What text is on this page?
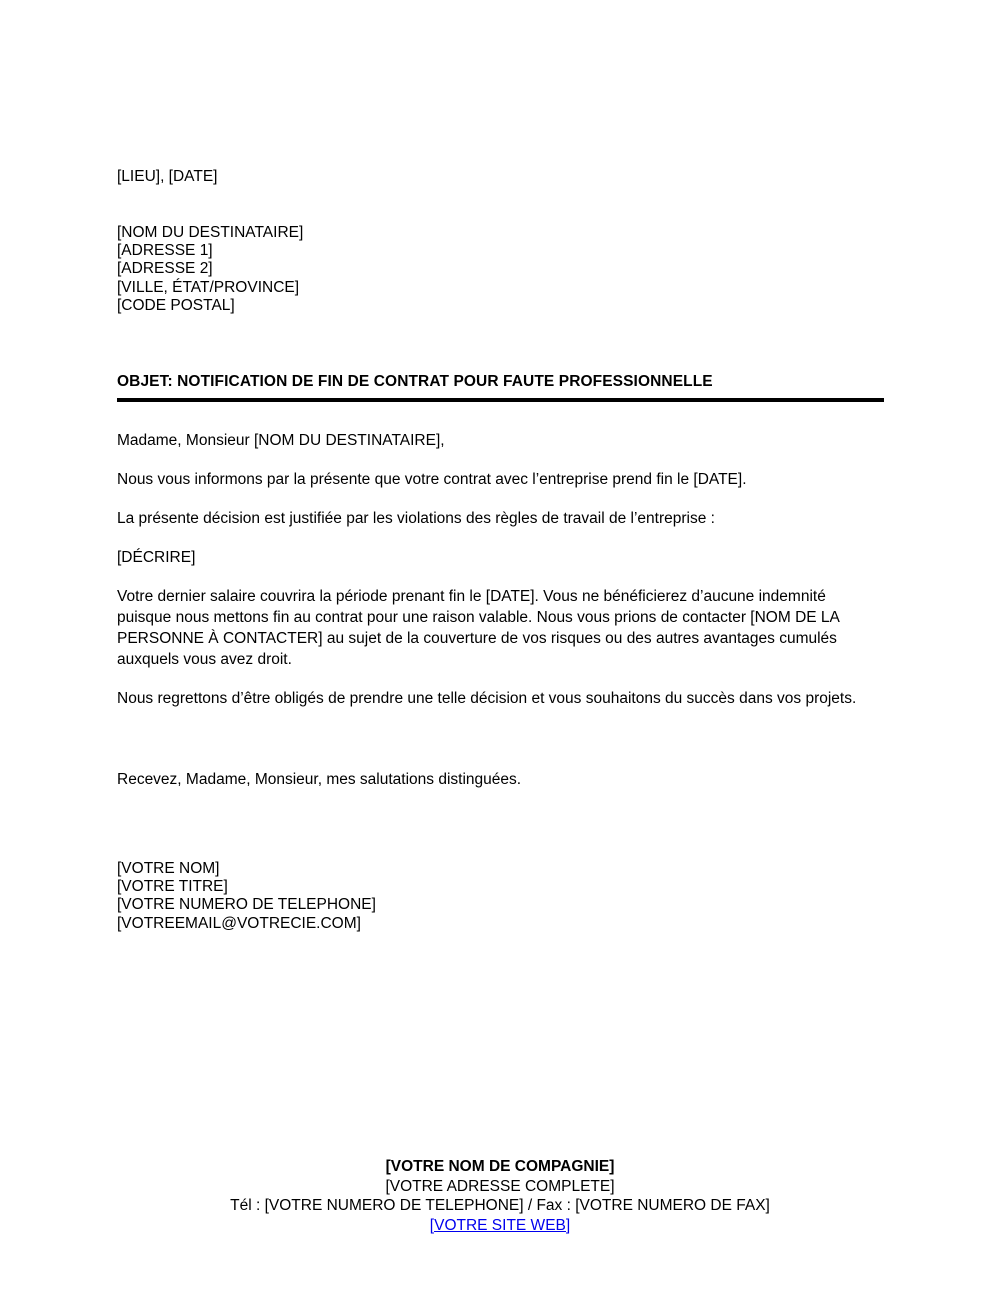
[LIEU], [DATE]
[NOM DU DESTINATAIRE]
[ADRESSE 1]
[ADRESSE 2]
[VILLE, ÉTAT/PROVINCE]
[CODE POSTAL]
OBJET: NOTIFICATION DE FIN DE CONTRAT POUR FAUTE PROFESSIONNELLE

Madame, Monsieur [NOM DU DESTINATAIRE],

Nous vous informons par la présente que votre contrat avec l’entreprise prend fin le [DATE].

La présente décision est justifiée par les violations des règles de travail de l’entreprise :

[DÉCRIRE]

Votre dernier salaire couvrira la période prenant fin le [DATE]. Vous ne bénéficierez d’aucune indemnité puisque nous mettons fin au contrat pour une raison valable. Nous vous prions de contacter [NOM DE LA PERSONNE À CONTACTER] au sujet de la couverture de vos risques ou des autres avantages cumulés auxquels vous avez droit.

Nous regrettons d’être obligés de prendre une telle décision et vous souhaitons du succès dans vos projets.

Recevez, Madame, Monsieur, mes salutations distinguées.

[VOTRE NOM]
[VOTRE TITRE]
[VOTRE NUMERO DE TELEPHONE]
[VOTREEMAIL@VOTRECIE.COM]
[VOTRE NOM DE COMPAGNIE]
[VOTRE ADRESSE COMPLETE]
Tél : [VOTRE NUMERO DE TELEPHONE] / Fax : [VOTRE NUMERO DE FAX]
[VOTRE SITE WEB]
